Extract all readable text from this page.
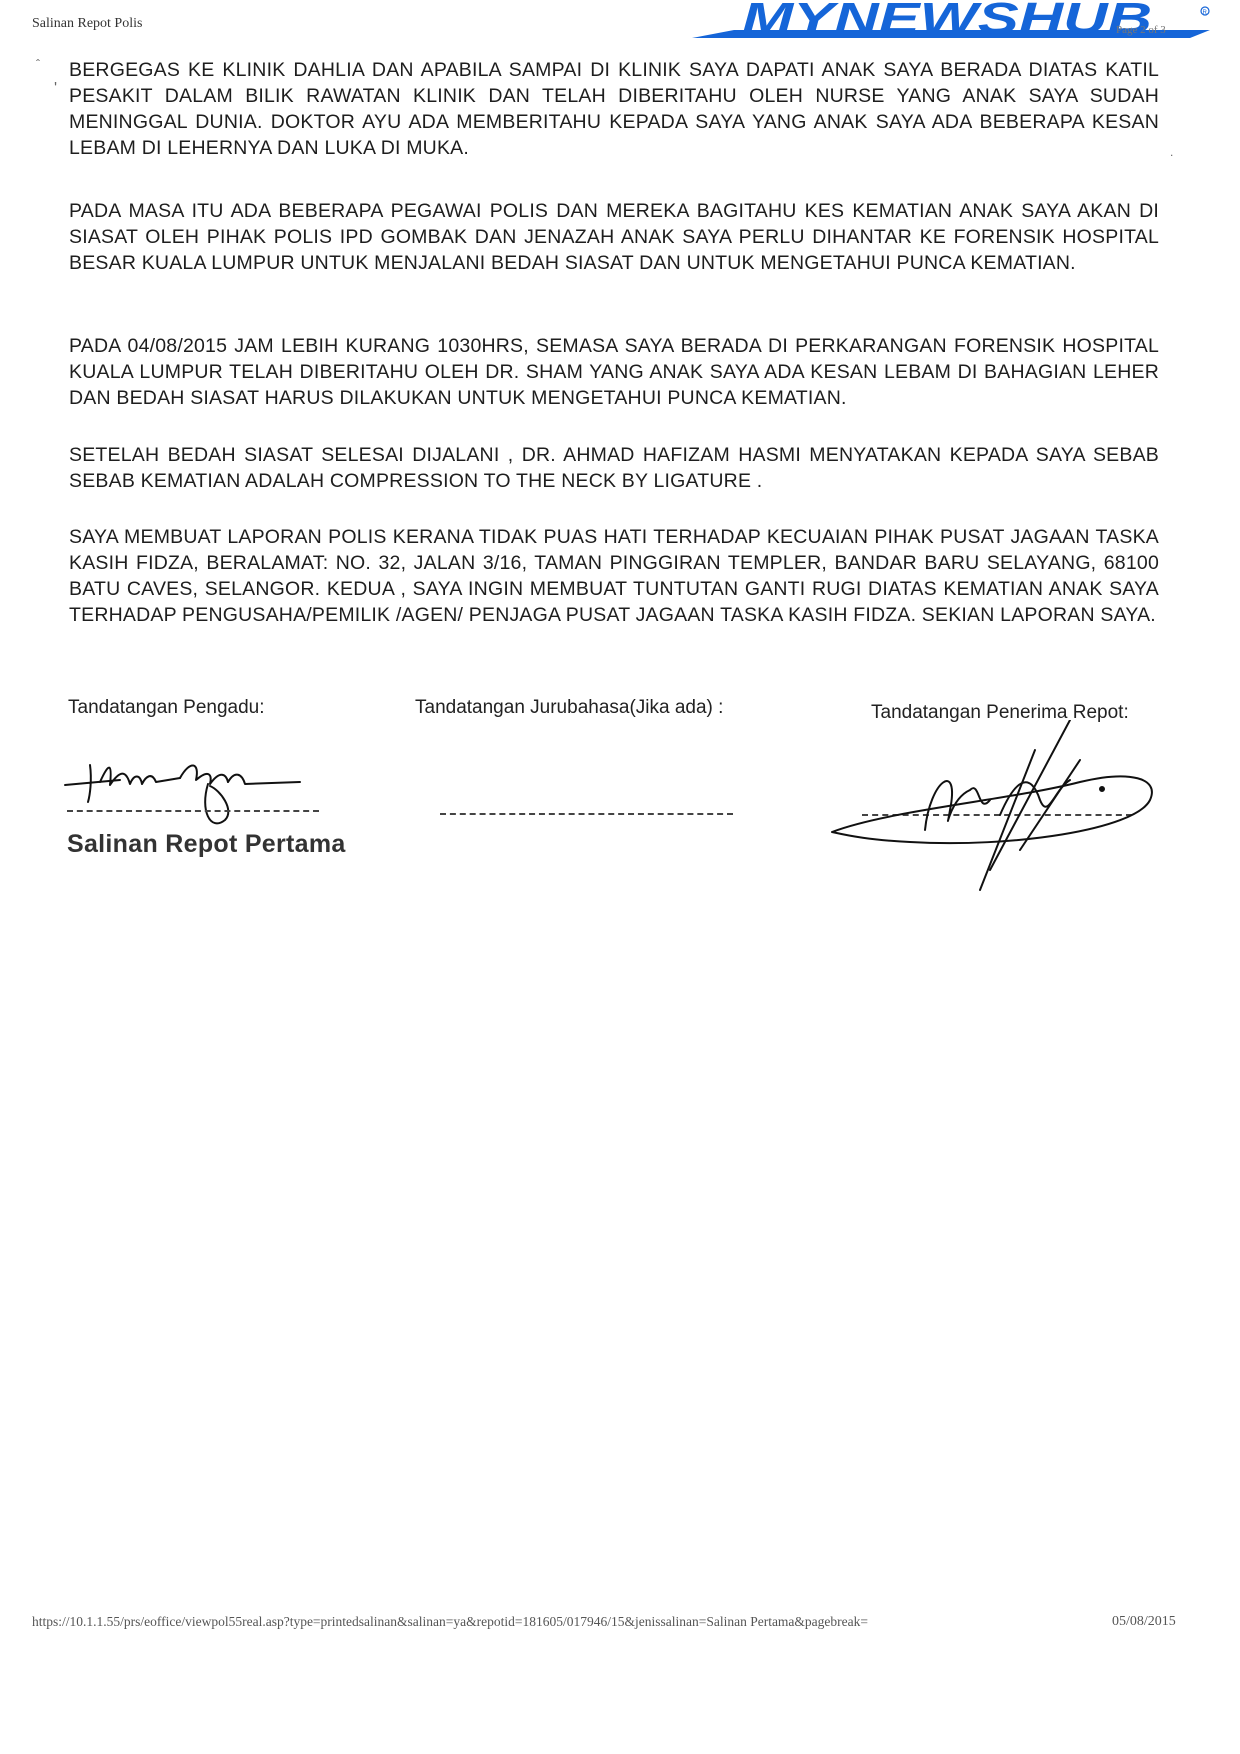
Salinan Repot Polis	MYNEWSHUB	R
Page 2 of 3
ˆ
'
.

BERGEGAS KE KLINIK DAHLIA DAN APABILA SAMPAI DI KLINIK SAYA DAPATI ANAK SAYA BERADA DIATAS KATIL PESAKIT DALAM BILIK RAWATAN KLINIK DAN TELAH DIBERITAHU OLEH NURSE YANG ANAK SAYA SUDAH MENINGGAL DUNIA. DOKTOR AYU ADA MEMBERITAHU KEPADA SAYA YANG ANAK SAYA ADA BEBERAPA KESAN LEBAM DI LEHERNYA DAN LUKA DI MUKA.

PADA MASA ITU ADA BEBERAPA PEGAWAI POLIS DAN MEREKA BAGITAHU KES KEMATIAN ANAK SAYA AKAN DI SIASAT OLEH PIHAK POLIS IPD GOMBAK DAN JENAZAH ANAK SAYA PERLU DIHANTAR KE FORENSIK HOSPITAL BESAR KUALA LUMPUR UNTUK MENJALANI BEDAH SIASAT DAN UNTUK MENGETAHUI PUNCA KEMATIAN.

PADA 04/08/2015 JAM LEBIH KURANG 1030HRS, SEMASA SAYA BERADA DI PERKARANGAN FORENSIK HOSPITAL KUALA LUMPUR TELAH DIBERITAHU OLEH DR. SHAM YANG ANAK SAYA ADA KESAN LEBAM DI BAHAGIAN LEHER DAN BEDAH SIASAT HARUS DILAKUKAN UNTUK MENGETAHUI PUNCA KEMATIAN.

SETELAH BEDAH SIASAT SELESAI DIJALANI , DR. AHMAD HAFIZAM HASMI MENYATAKAN KEPADA SAYA SEBAB SEBAB KEMATIAN ADALAH COMPRESSION TO THE NECK BY LIGATURE .

SAYA MEMBUAT LAPORAN POLIS KERANA TIDAK PUAS HATI TERHADAP KECUAIAN PIHAK PUSAT JAGAAN TASKA KASIH FIDZA, BERALAMAT: NO. 32, JALAN 3/16, TAMAN PINGGIRAN TEMPLER, BANDAR BARU SELAYANG, 68100 BATU CAVES, SELANGOR. KEDUA , SAYA INGIN MEMBUAT TUNTUTAN GANTI RUGI DIATAS KEMATIAN ANAK SAYA TERHADAP PENGUSAHA/PEMILIK /AGEN/ PENJAGA PUSAT JAGAAN TASKA KASIH FIDZA. SEKIAN LAPORAN SAYA.

Tandatangan Pengadu:	Tandatangan Jurubahasa(Jika ada) :	Tandatangan Penerima Repot:
Salinan Repot Pertama
https://10.1.1.55/prs/eoffice/viewpol55real.asp?type=printedsalinan&salinan=ya&repotid=181605/017946/15&jenissalinan=Salinan Pertama&pagebreak=	05/08/2015
